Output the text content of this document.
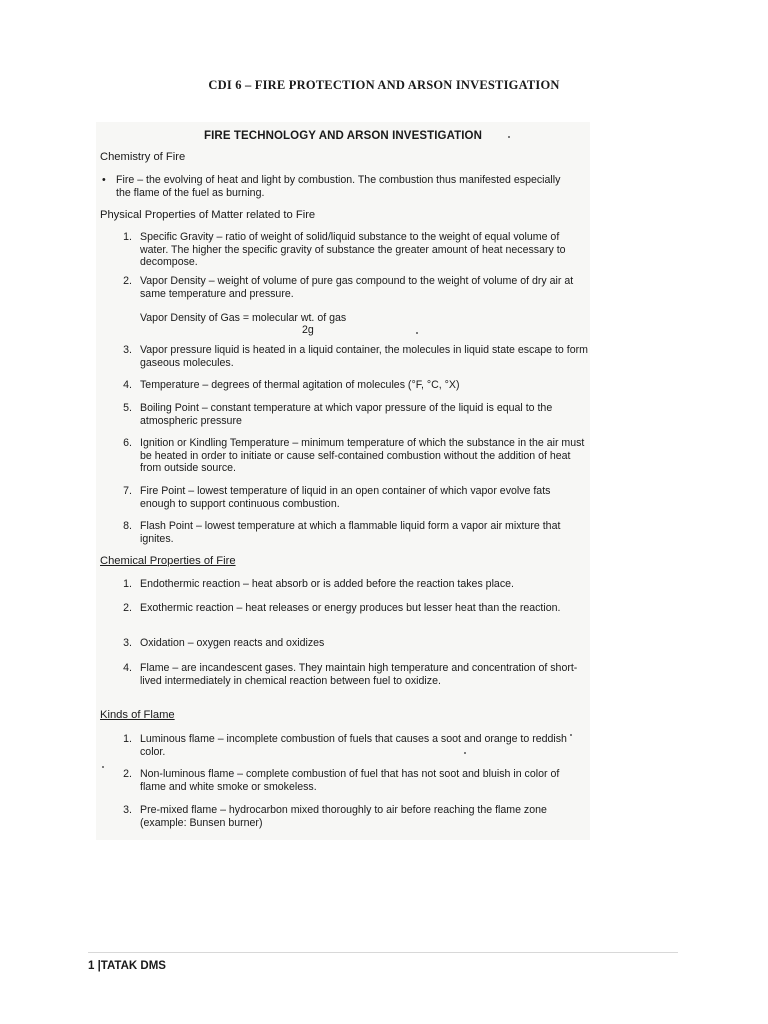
CDI 6 – FIRE PROTECTION AND ARSON INVESTIGATION
FIRE TECHNOLOGY AND ARSON INVESTIGATION
Chemistry of Fire
• Fire – the evolving of heat and light by combustion. The combustion thus manifested especially the flame of the fuel as burning.
Physical Properties of Matter related to Fire
1. Specific Gravity – ratio of weight of solid/liquid substance to the weight of equal volume of water. The higher the specific gravity of substance the greater amount of heat necessary to decompose.
2. Vapor Density – weight of volume of pure gas compound to the weight of volume of dry air at same temperature and pressure.
Vapor Density of Gas = molecular wt. of gas
2g
3. Vapor pressure liquid is heated in a liquid container, the molecules in liquid state escape to form gaseous molecules.
4. Temperature – degrees of thermal agitation of molecules (°F, °C, °X)
5. Boiling Point – constant temperature at which vapor pressure of the liquid is equal to the atmospheric pressure
6. Ignition or Kindling Temperature – minimum temperature of which the substance in the air must be heated in order to initiate or cause self-contained combustion without the addition of heat from outside source.
7. Fire Point – lowest temperature of liquid in an open container of which vapor evolve fats enough to support continuous combustion.
8. Flash Point – lowest temperature at which a flammable liquid form a vapor air mixture that ignites.
Chemical Properties of Fire
1. Endothermic reaction – heat absorb or is added before the reaction takes place.
2. Exothermic reaction – heat releases or energy produces but lesser heat than the reaction.
3. Oxidation – oxygen reacts and oxidizes
4. Flame – are incandescent gases. They maintain high temperature and concentration of short-lived intermediately in chemical reaction between fuel to oxidize.
Kinds of Flame
1. Luminous flame – incomplete combustion of fuels that causes a soot and orange to reddish color.
2. Non-luminous flame – complete combustion of fuel that has not soot and bluish in color of flame and white smoke or smokeless.
3. Pre-mixed flame – hydrocarbon mixed thoroughly to air before reaching the flame zone (example: Bunsen burner)
1 |TATAK DMS
